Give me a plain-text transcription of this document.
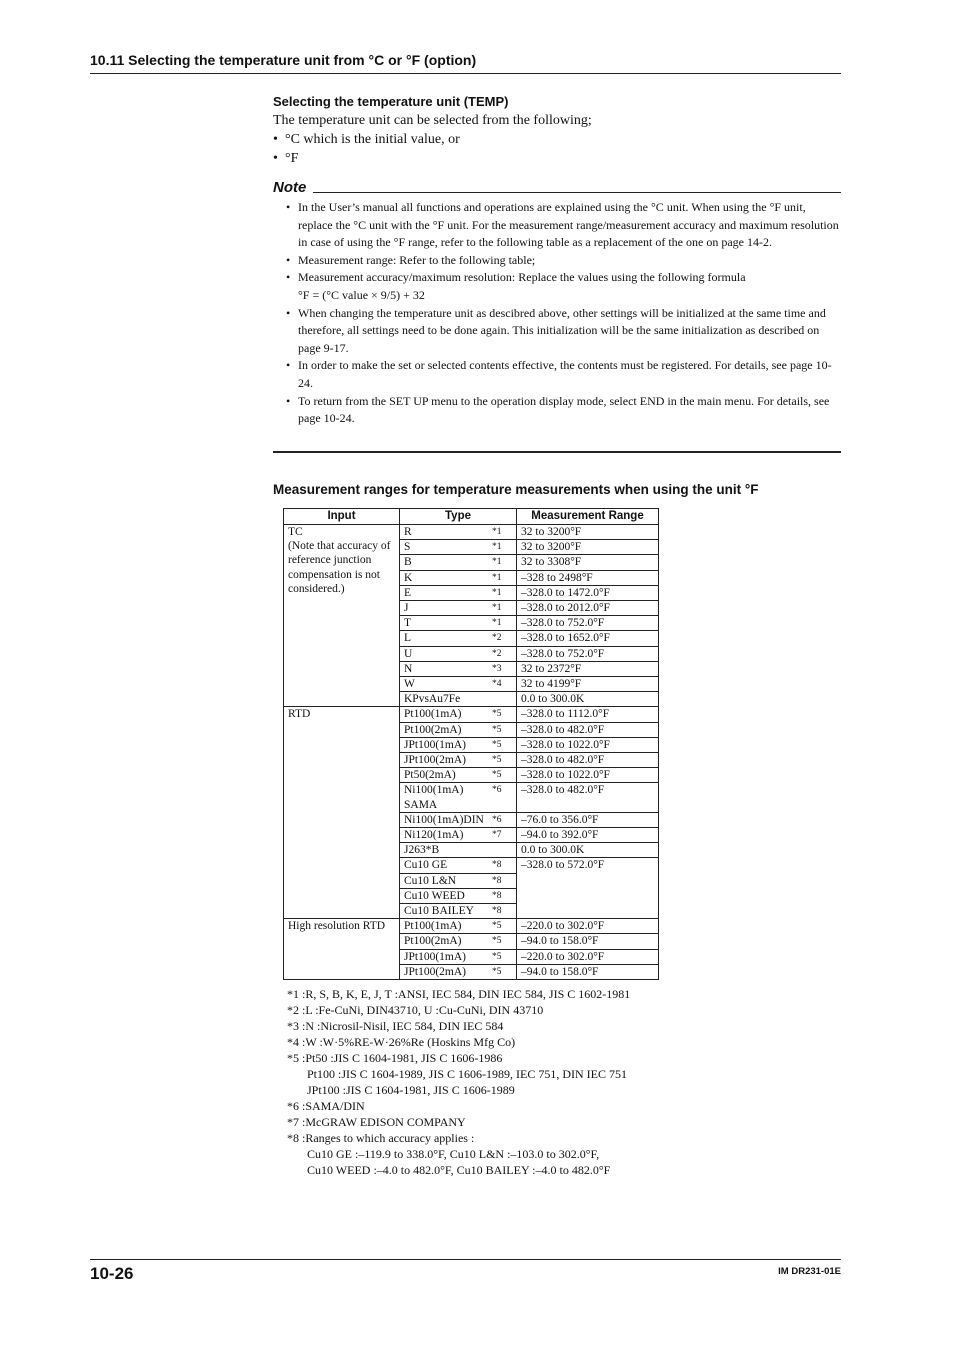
10.11 Selecting the temperature unit from °C or °F (option)
Selecting the temperature unit (TEMP)
The temperature unit can be selected from the following;
• °C which is the initial value, or
• °F
Note
• In the User’s manual all functions and operations are explained using the °C unit. When using the °F unit, replace the °C unit with the °F unit. For the measurement range/measurement accuracy and maximum resolution in case of using the °F range, refer to the following table as a replacement of the one on page 14-2.
• Measurement range: Refer to the following table;
• Measurement accuracy/maximum resolution: Replace the values using the following formula
°F = (°C value × 9/5) + 32
• When changing the temperature unit as descibred above, other settings will be initialized at the same time and therefore, all settings need to be done again. This initialization will be the same initialization as described on page 9-17.
• In order to make the set or selected contents effective, the contents must be registered. For details, see page 10-24.
• To return from the SET UP menu to the operation display mode, select END in the main menu. For details, see page 10-24.
Measurement ranges for temperature measurements when using the unit °F
Input	Type		Measurement Range
TC
(Note that accuracy of reference junction compensation is not considered.)	R	*1	32 to 3200°F
	S	*1	32 to 3200°F
	B	*1	32 to 3308°F
	K	*1	–328 to 2498°F
	E	*1	–328.0 to 1472.0°F
	J	*1	–328.0 to 2012.0°F
	T	*1	–328.0 to 752.0°F
	L	*2	–328.0 to 1652.0°F
	U	*2	–328.0 to 752.0°F
	N	*3	32 to 2372°F
	W	*4	32 to 4199°F
	KPvsAu7Fe		0.0 to 300.0K
RTD	Pt100(1mA)	*5	–328.0 to 1112.0°F
	Pt100(2mA)	*5	–328.0 to 482.0°F
	JPt100(1mA)	*5	–328.0 to 1022.0°F
	JPt100(2mA)	*5	–328.0 to 482.0°F
	Pt50(2mA)	*5	–328.0 to 1022.0°F
	Ni100(1mA)
SAMA	*6	–328.0 to 482.0°F
	Ni100(1mA)DIN	*6	–76.0 to 356.0°F
	Ni120(1mA)	*7	–94.0 to 392.0°F
	J263*B		0.0 to 300.0K
	Cu10 GE	*8	–328.0 to 572.0°F
	Cu10 L&N	*8	
	Cu10 WEED	*8	
	Cu10 BAILEY	*8	
High resolution RTD	Pt100(1mA)	*5	–220.0 to 302.0°F
	Pt100(2mA)	*5	–94.0 to 158.0°F
	JPt100(1mA)	*5	–220.0 to 302.0°F
	JPt100(2mA)	*5	–94.0 to 158.0°F
*1 :R, S, B, K, E, J, T :ANSI, IEC 584, DIN IEC 584, JIS C 1602-1981
*2 :L :Fe-CuNi, DIN43710, U :Cu-CuNi, DIN 43710
*3 :N :Nicrosil-Nisil, IEC 584, DIN IEC 584
*4 :W :W·5%RE-W·26%Re (Hoskins Mfg Co)
*5 :Pt50 :JIS C 1604-1981, JIS C 1606-1986
Pt100 :JIS C 1604-1989, JIS C 1606-1989, IEC 751, DIN IEC 751
JPt100 :JIS C 1604-1981, JIS C 1606-1989
*6 :SAMA/DIN
*7 :McGRAW EDISON COMPANY
*8 :Ranges to which accuracy applies :
Cu10 GE :–119.9 to 338.0°F, Cu10 L&N :–103.0 to 302.0°F,
Cu10 WEED :–4.0 to 482.0°F, Cu10 BAILEY :–4.0 to 482.0°F
10-26	IM DR231-01E
